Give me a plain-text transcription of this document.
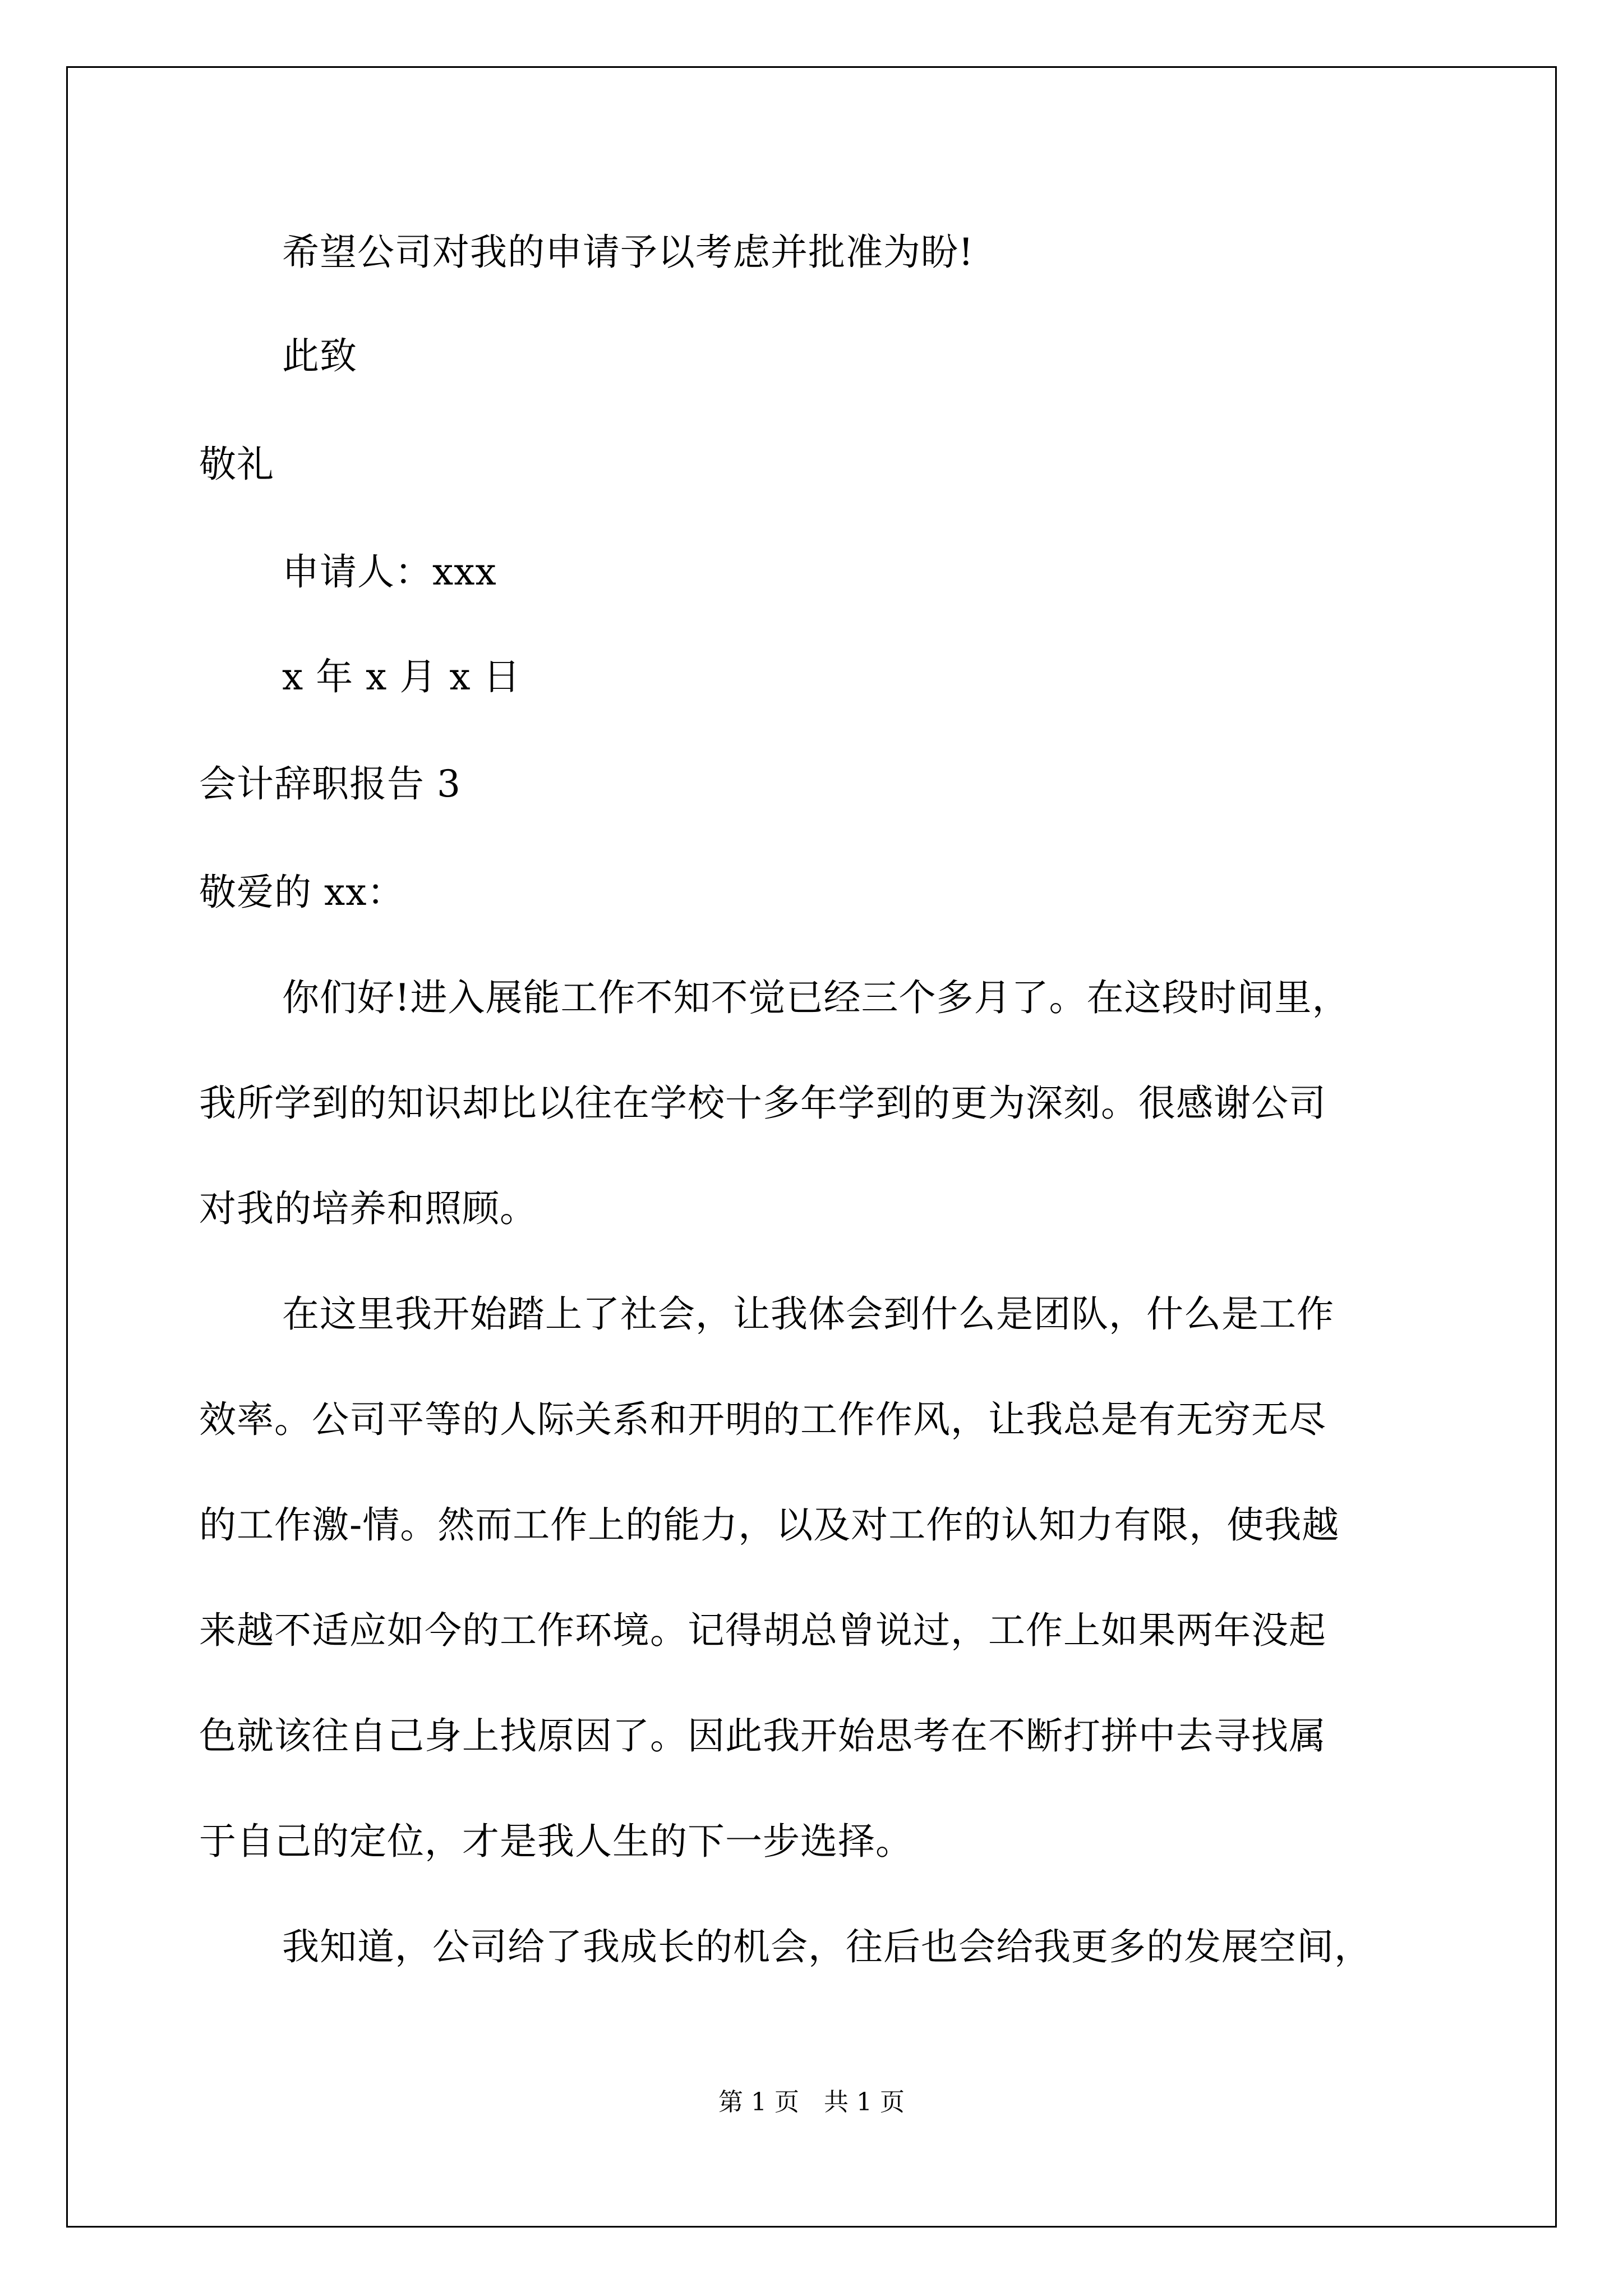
希望公司对我的申请予以考虑并批准为盼!
此致
敬礼
申请人：xxx
x 年 x 月 x 日
会计辞职报告 3
敬爱的 xx：
你们好!进入展能工作不知不觉已经三个多月了。在这段时间里，
我所学到的知识却比以往在学校十多年学到的更为深刻。很感谢公司
对我的培养和照顾。
在这里我开始踏上了社会，让我体会到什么是团队，什么是工作
效率。公司平等的人际关系和开明的工作作风，让我总是有无穷无尽
的工作激-情。然而工作上的能力，以及对工作的认知力有限，使我越
来越不适应如今的工作环境。记得胡总曾说过，工作上如果两年没起
色就该往自己身上找原因了。因此我开始思考在不断打拼中去寻找属
于自己的定位，才是我人生的下一步选择。
我知道，公司给了我成长的机会，往后也会给我更多的发展空间，
第 1 页　共 1 页
